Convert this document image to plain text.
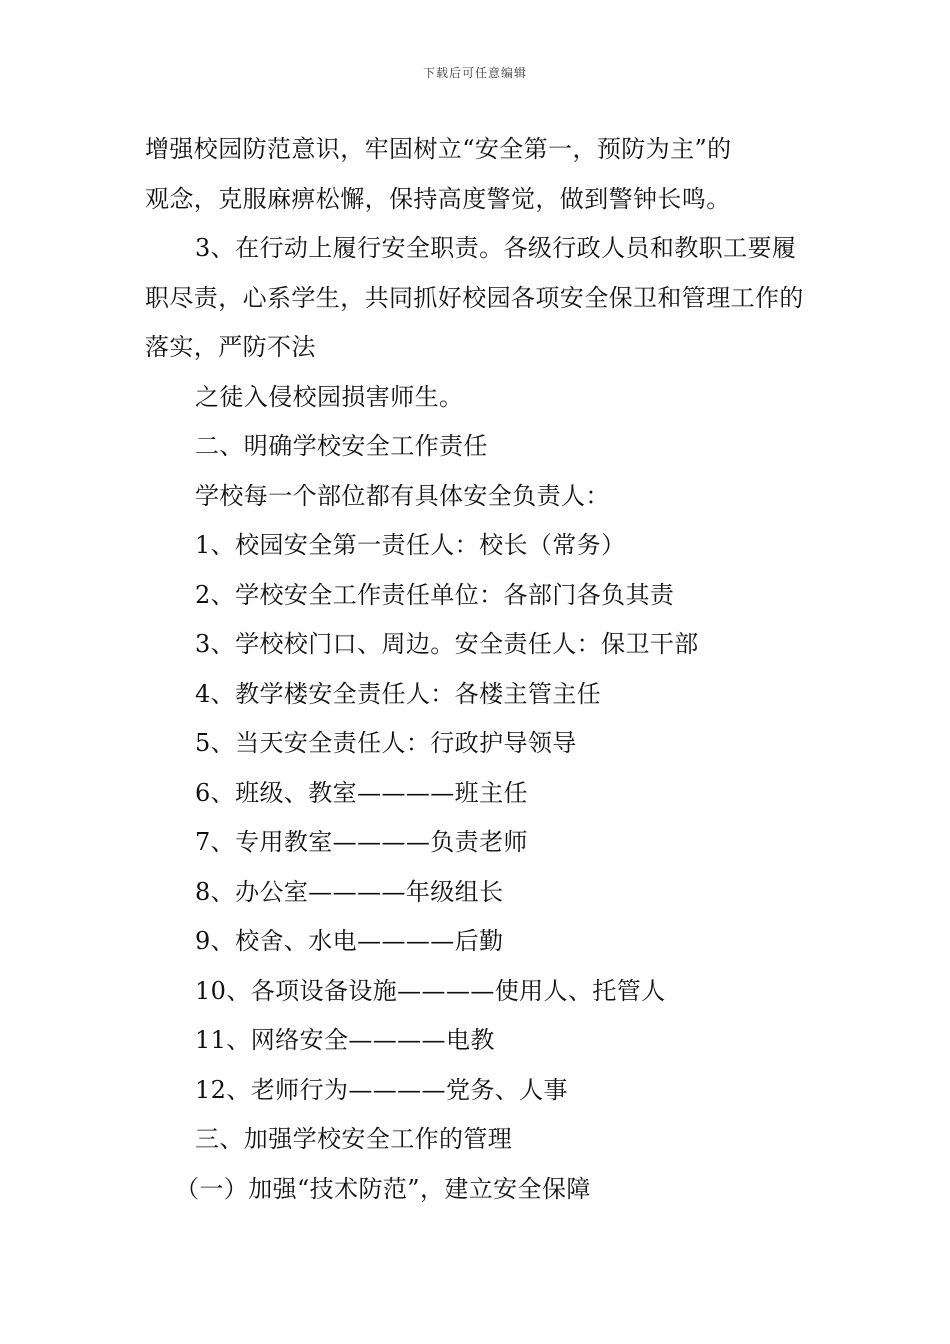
下载后可任意编辑

增强校园防范意识，牢固树立“安全第一，预防为主”的

观念，克服麻痹松懈，保持高度警觉，做到警钟长鸣。

3、在行动上履行安全职责。各级行政人员和教职工要履职尽责，心系学生，共同抓好校园各项安全保卫和管理工作的落实，严防不法

之徒入侵校园损害师生。

二、明确学校安全工作责任

学校每一个部位都有具体安全负责人：

1、校园安全第一责任人：校长（常务）

2、学校安全工作责任单位：各部门各负其责

3、学校校门口、周边。安全责任人：保卫干部

4、教学楼安全责任人：各楼主管主任

5、当天安全责任人：行政护导领导

6、班级、教室————班主任

7、专用教室————负责老师

8、办公室————年级组长

9、校舍、水电————后勤

10、各项设备设施————使用人、托管人

11、网络安全————电教

12、老师行为————党务、人事

三、加强学校安全工作的管理

（一）加强“技术防范”，建立安全保障
